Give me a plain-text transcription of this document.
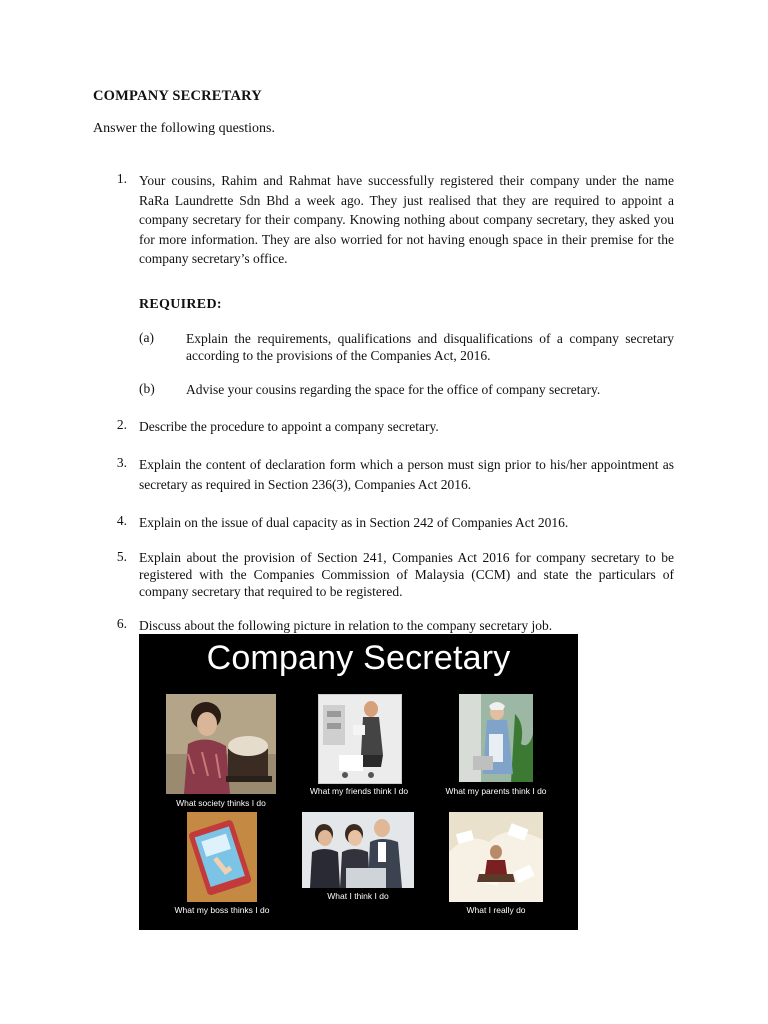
COMPANY SECRETARY
Answer the following questions.
1. Your cousins, Rahim and Rahmat have successfully registered their company under the name RaRa Laundrette Sdn Bhd a week ago. They just realised that they are required to appoint a company secretary for their company. Knowing nothing about company secretary, they asked you for more information. They are also worried for not having enough space in their premise for the company secretary’s office.
REQUIRED:
(a) Explain the requirements, qualifications and disqualifications of a company secretary according to the provisions of the Companies Act, 2016.
(b) Advise your cousins regarding the space for the office of company secretary.
2. Describe the procedure to appoint a company secretary.
3. Explain the content of declaration form which a person must sign prior to his/her appointment as secretary as required in Section 236(3), Companies Act 2016.
4. Explain on the issue of dual capacity as in Section 242 of Companies Act 2016.
5. Explain about the provision of Section 241, Companies Act 2016 for company secretary to be registered with the Companies Commission of Malaysia (CCM) and state the particulars of company secretary that required to be registered.
6. Discuss about the following picture in relation to the company secretary job.
Company Secretary
What society thinks I do
What my friends think I do	What my parents think I do
What my boss thinks I do
What I think I do
What I really do
